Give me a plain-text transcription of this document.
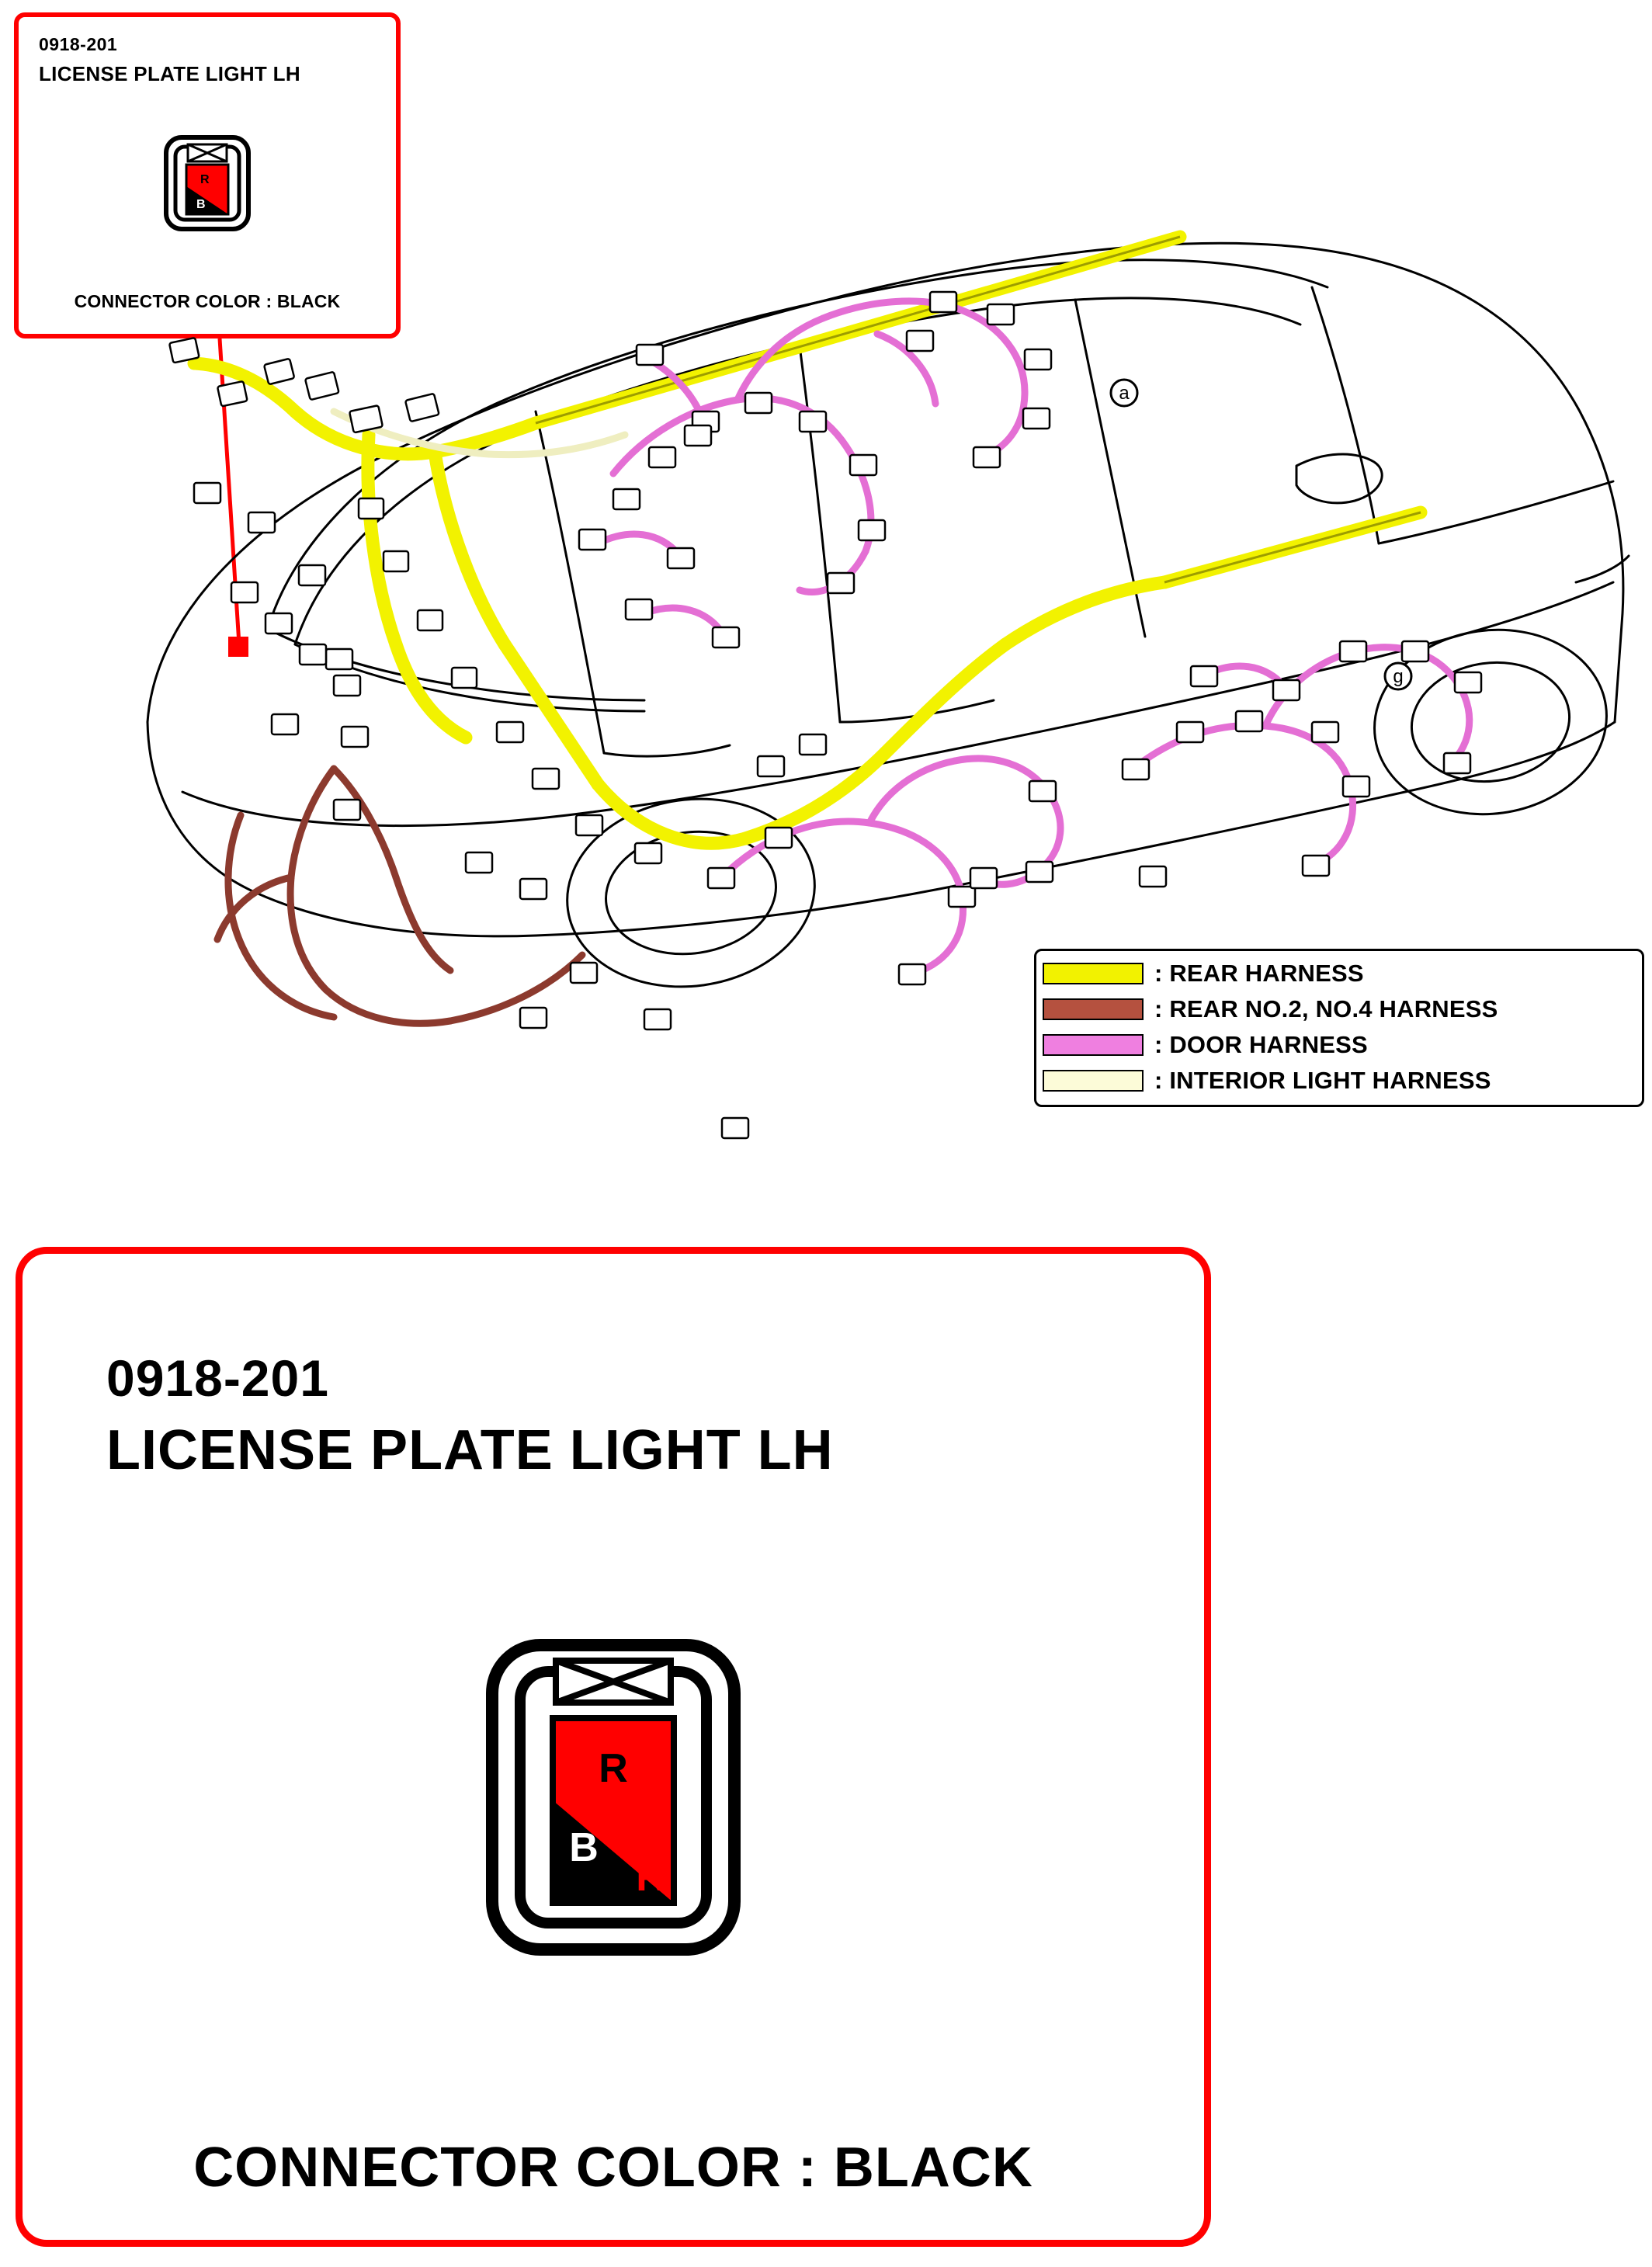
0918-201
LICENSE PLATE LIGHT LH
R
B
CONNECTOR COLOR : BLACK
a
g
: REAR HARNESS
: REAR NO.2, NO.4 HARNESS
: DOOR HARNESS
: INTERIOR LIGHT HARNESS
0918-201
LICENSE PLATE LIGHT LH
R
B
R
CONNECTOR COLOR : BLACK
